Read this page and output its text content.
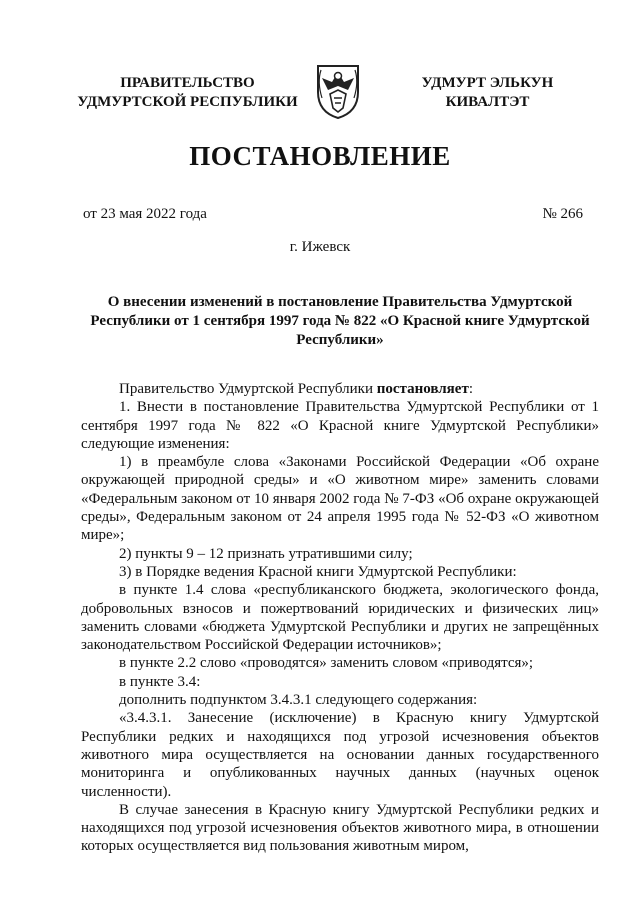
ПРАВИТЕЛЬСТВО
УДМУРТСКОЙ РЕСПУБЛИКИ
УДМУРТ ЭЛЬКУН
КИВАЛТЭТ
ПОСТАНОВЛЕНИЕ
от 23 мая 2022 года	№ 266
г. Ижевск
О внесении изменений в постановление Правительства Удмуртской Республики от 1 сентября 1997 года № 822 «О Красной книге Удмуртской Республики»

Правительство Удмуртской Республики постановляет:

1. Внести в постановление Правительства Удмуртской Республики от 1 сентября 1997 года № 822 «О Красной книге Удмуртской Республики» следующие изменения:

1) в преамбуле слова «Законами Российской Федерации «Об охране окружающей природной среды» и «О животном мире» заменить словами «Федеральным законом от 10 января 2002 года № 7-ФЗ «Об охране окружающей среды», Федеральным законом от 24 апреля 1995 года № 52-ФЗ «О животном мире»;

2) пункты 9 – 12 признать утратившими силу;

3) в Порядке ведения Красной книги Удмуртской Республики:

в пункте 1.4 слова «республиканского бюджета, экологического фонда, добровольных взносов и пожертвований юридических и физических лиц» заменить словами «бюджета Удмуртской Республики и других не запрещённых законодательством Российской Федерации источников»;

в пункте 2.2 слово «проводятся» заменить словом «приводятся»;

в пункте 3.4:

дополнить подпунктом 3.4.3.1 следующего содержания:

«3.4.3.1. Занесение (исключение) в Красную книгу Удмуртской Республики редких и находящихся под угрозой исчезновения объектов животного мира осуществляется на основании данных государственного мониторинга и опубликованных научных данных (научных оценок численности).

В случае занесения в Красную книгу Удмуртской Республики редких и находящихся под угрозой исчезновения объектов животного мира, в отношении которых осуществляется вид пользования животным миром,
